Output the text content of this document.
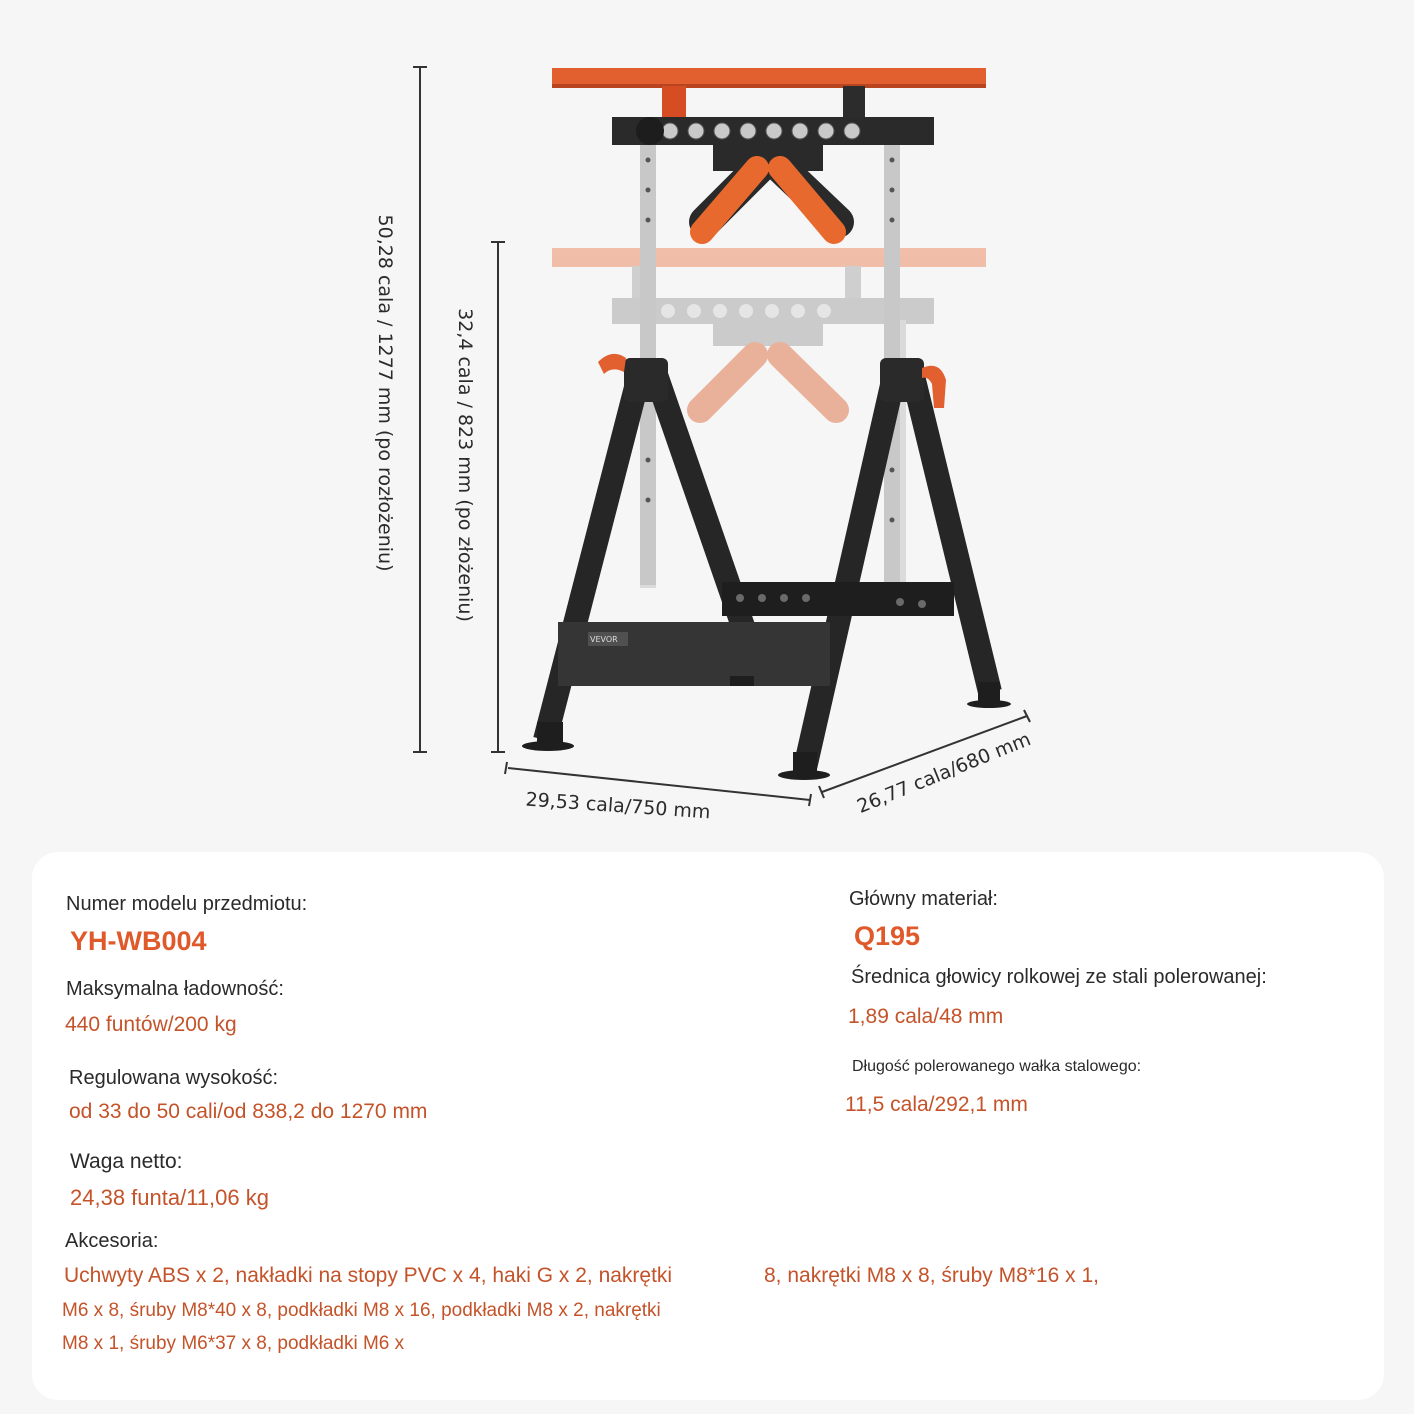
VEVOR
50,28 cala / 1277 mm (po rozłożeniu)	32,4 cala / 823 mm (po złożeniu)
29,53 cala/750 mm	26,77 cala/680 mm
Numer modelu przedmiotu:
YH-WB004
Maksymalna ładowność:
440 funtów/200 kg
Regulowana wysokość:
od 33 do 50 cali/od 838,2 do 1270 mm
Waga netto:
24,38 funta/11,06 kg
Główny materiał:
Q195
Średnica głowicy rolkowej ze stali polerowanej:
1,89 cala/48 mm
Długość polerowanego wałka stalowego:
11,5 cala/292,1 mm
Akcesoria:
Uchwyty ABS x 2, nakładki na stopy PVC x 4, haki G x 2, nakrętki
M6 x 8, śruby M8*40 x 8, podkładki M8 x 16, podkładki M8 x 2, nakrętki
M8 x 1, śruby M6*37 x 8, podkładki M6 x
8, nakrętki M8 x 8, śruby M8*16 x 1,
